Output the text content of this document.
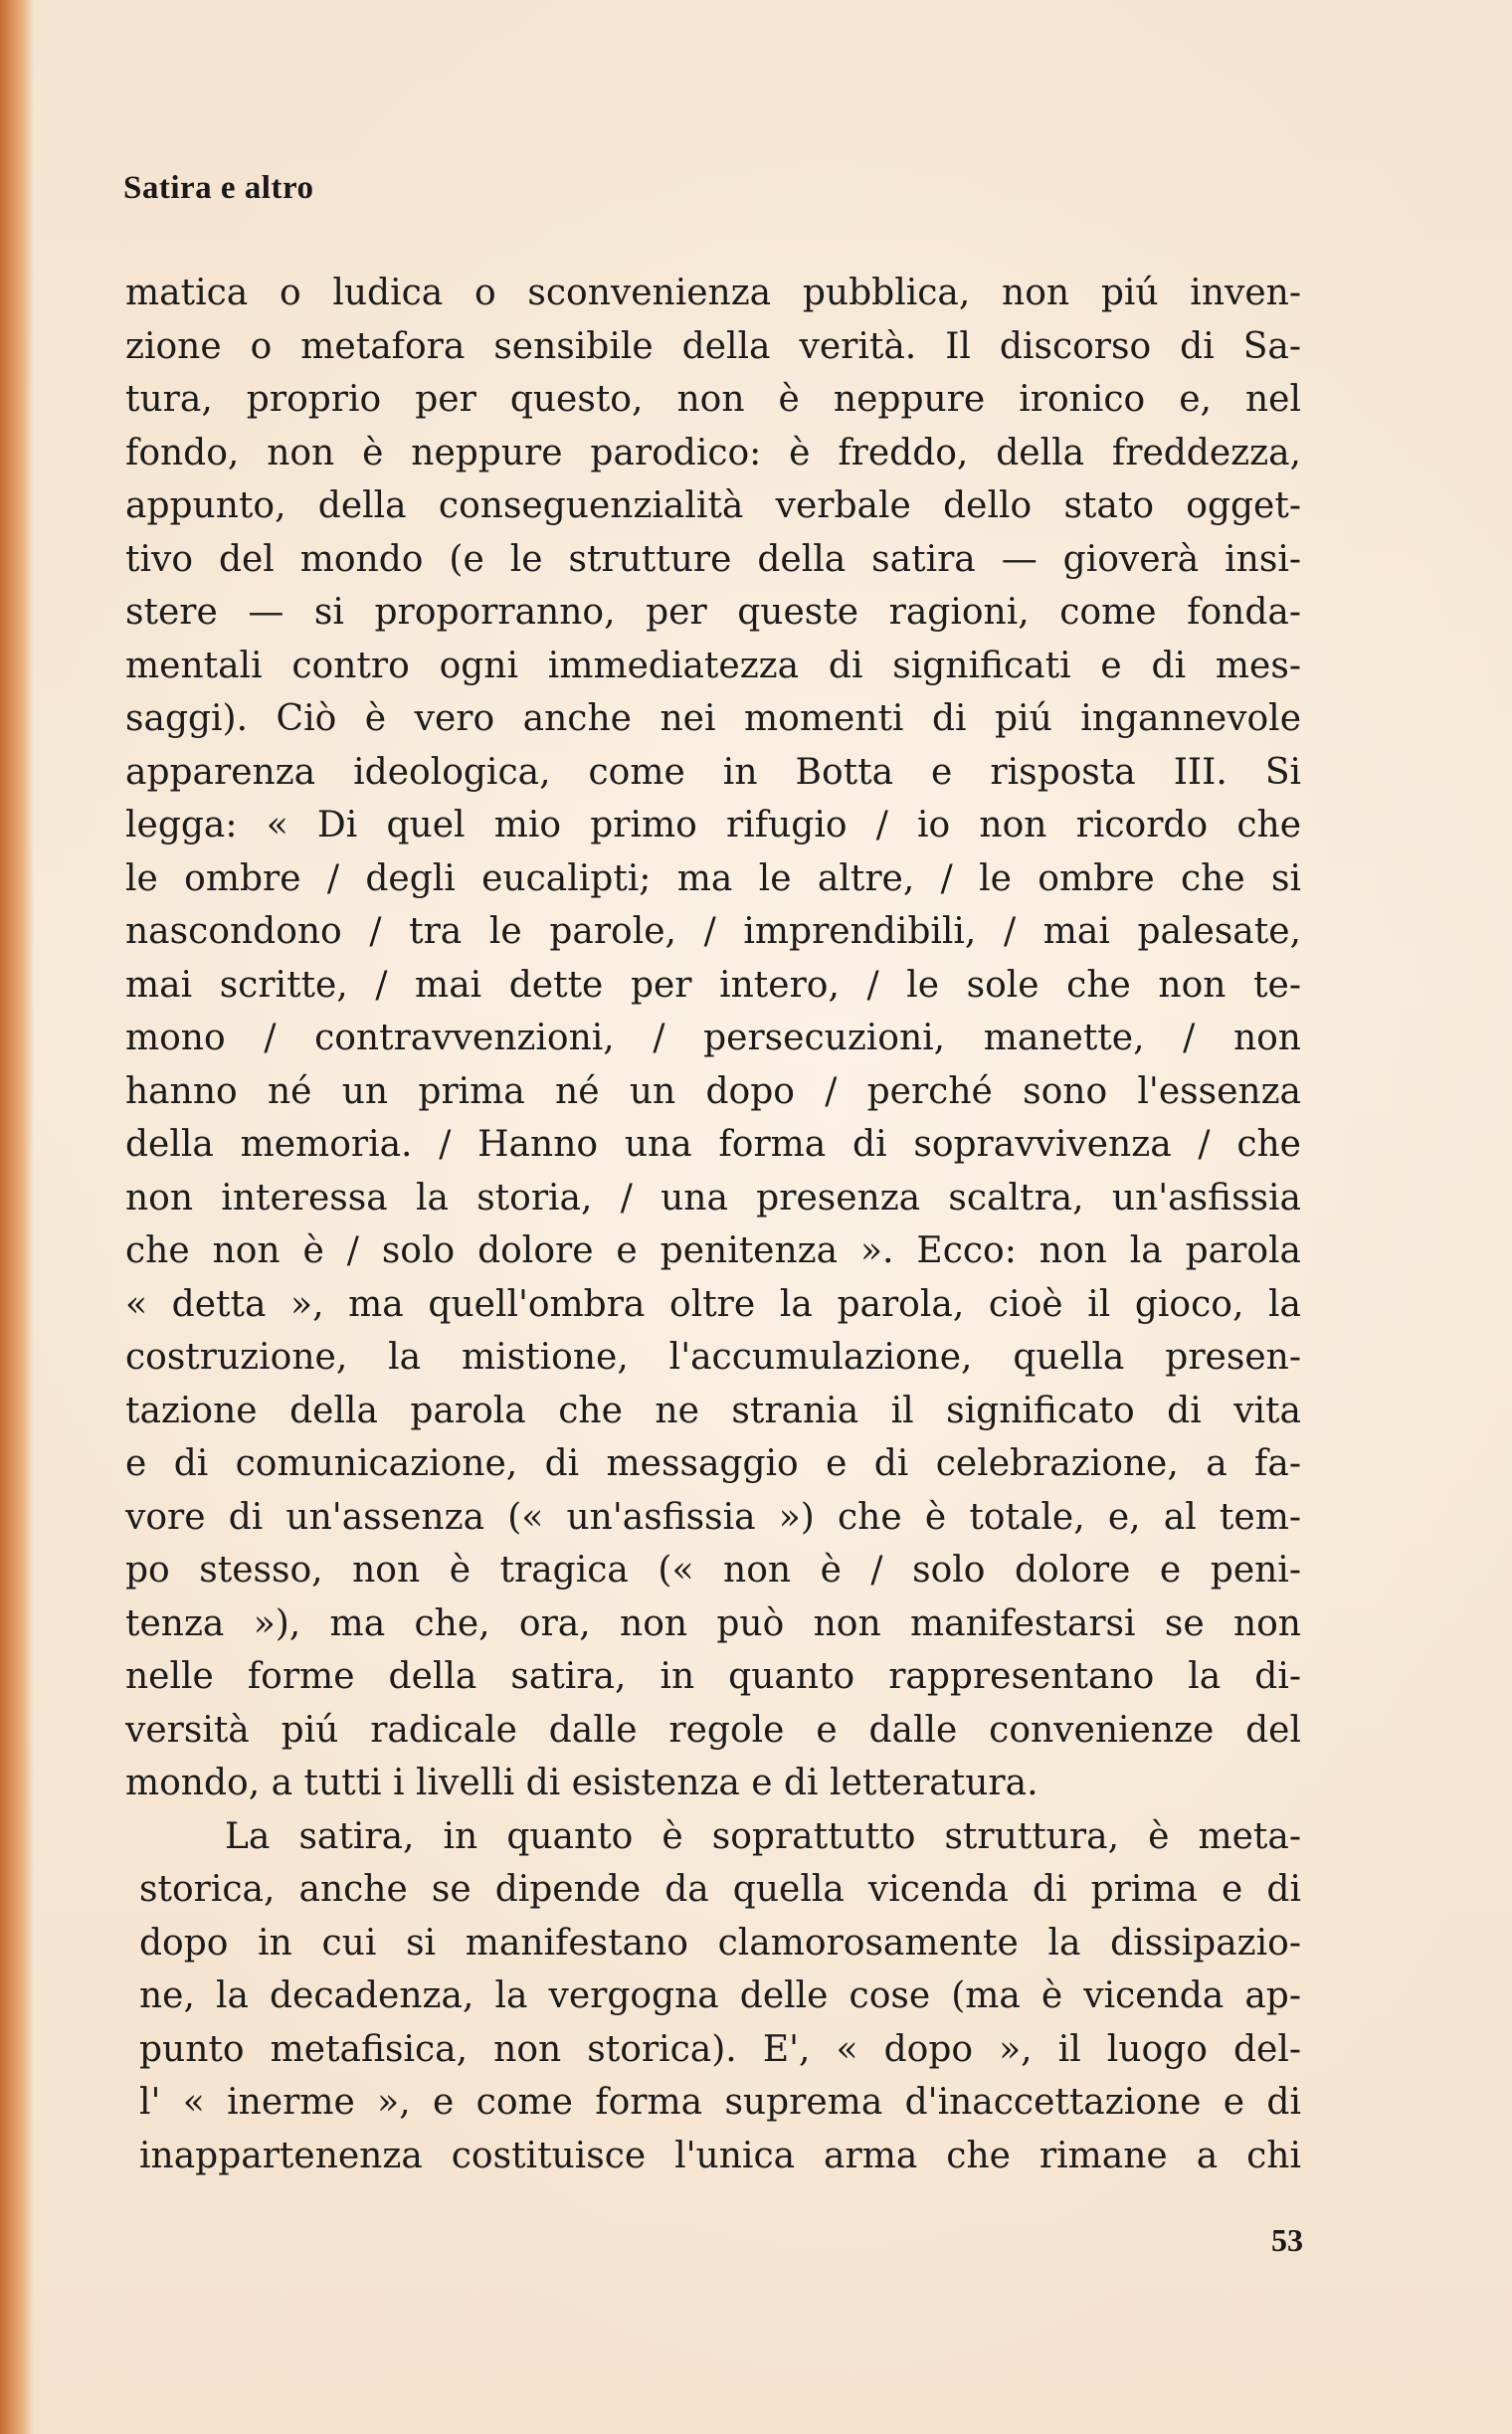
Satira e altro
matica o ludica o sconvenienza pubblica, non piú inven-
zione o metafora sensibile della verità. Il discorso di Sa-
tura, proprio per questo, non è neppure ironico e, nel
fondo, non è neppure parodico: è freddo, della freddezza,
appunto, della conseguenzialità verbale dello stato ogget-
tivo del mondo (e le strutture della satira — gioverà insi-
stere — si proporranno, per queste ragioni, come fonda-
mentali contro ogni immediatezza di significati e di mes-
saggi). Ciò è vero anche nei momenti di piú ingannevole
apparenza ideologica, come in Botta e risposta III. Si
legga: « Di quel mio primo rifugio / io non ricordo che
le ombre / degli eucalipti; ma le altre, / le ombre che si
nascondono / tra le parole, / imprendibili, / mai palesate,
mai scritte, / mai dette per intero, / le sole che non te-
mono / contravvenzioni, / persecuzioni, manette, / non
hanno né un prima né un dopo / perché sono l'essenza
della memoria. / Hanno una forma di sopravvivenza / che
non interessa la storia, / una presenza scaltra, un'asfissia
che non è / solo dolore e penitenza ». Ecco: non la parola
« detta », ma quell'ombra oltre la parola, cioè il gioco, la
costruzione, la mistione, l'accumulazione, quella presen-
tazione della parola che ne strania il significato di vita
e di comunicazione, di messaggio e di celebrazione, a fa-
vore di un'assenza (« un'asfissia ») che è totale, e, al tem-
po stesso, non è tragica (« non è / solo dolore e peni-
tenza »), ma che, ora, non può non manifestarsi se non
nelle forme della satira, in quanto rappresentano la di-
versità piú radicale dalle regole e dalle convenienze del
mondo, a tutti i livelli di esistenza e di letteratura.
La satira, in quanto è soprattutto struttura, è meta-
storica, anche se dipende da quella vicenda di prima e di
dopo in cui si manifestano clamorosamente la dissipazio-
ne, la decadenza, la vergogna delle cose (ma è vicenda ap-
punto metafisica, non storica). E', « dopo », il luogo del-
l' « inerme », e come forma suprema d'inaccettazione e di
inappartenenza costituisce l'unica arma che rimane a chi
53
